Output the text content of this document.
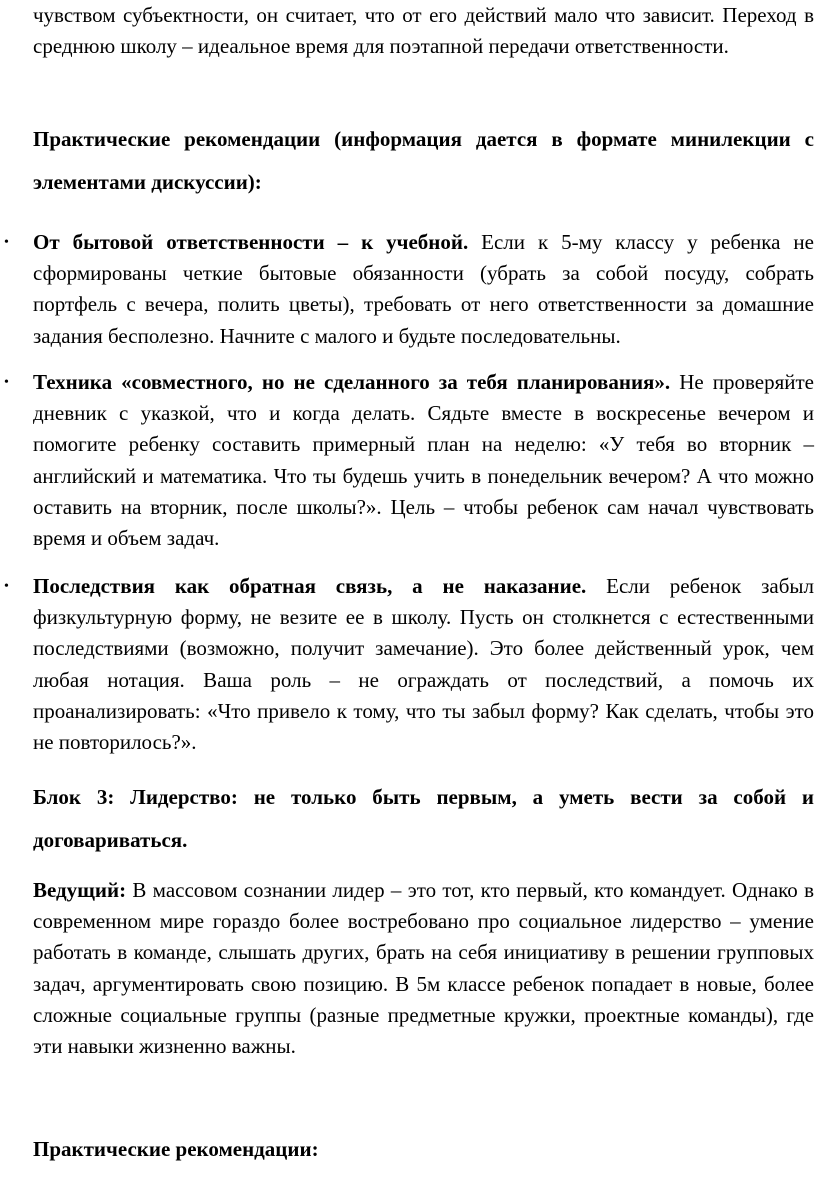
чувством субъектности, он считает, что от его действий мало что зависит. Переход в среднюю школу – идеальное время для поэтапной передачи ответственности.

Практические рекомендации (информация дается в формате минилекции с элементами дискуссии):

• От бытовой ответственности – к учебной. Если к 5-му классу у ребенка не сформированы четкие бытовые обязанности (убрать за собой посуду, собрать портфель с вечера, полить цветы), требовать от него ответственности за домашние задания бесполезно. Начните с малого и будьте последовательны.

• Техника «совместного, но не сделанного за тебя планирования». Не проверяйте дневник с указкой, что и когда делать. Сядьте вместе в воскресенье вечером и помогите ребенку составить примерный план на неделю: «У тебя во вторник – английский и математика. Что ты будешь учить в понедельник вечером? А что можно оставить на вторник, после школы?». Цель – чтобы ребенок сам начал чувствовать время и объем задач.

• Последствия как обратная связь, а не наказание. Если ребенок забыл физкультурную форму, не везите ее в школу. Пусть он столкнется с естественными последствиями (возможно, получит замечание). Это более действенный урок, чем любая нотация. Ваша роль – не ограждать от последствий, а помочь их проанализировать: «Что привело к тому, что ты забыл форму? Как сделать, чтобы это не повторилось?».

Блок 3: Лидерство: не только быть первым, а уметь вести за собой и договариваться.

Ведущий: В массовом сознании лидер – это тот, кто первый, кто командует. Однако в современном мире гораздо более востребовано про социальное лидерство – умение работать в команде, слышать других, брать на себя инициативу в решении групповых задач, аргументировать свою позицию. В 5м классе ребенок попадает в новые, более сложные социальные группы (разные предметные кружки, проектные команды), где эти навыки жизненно важны.

Практические рекомендации:
